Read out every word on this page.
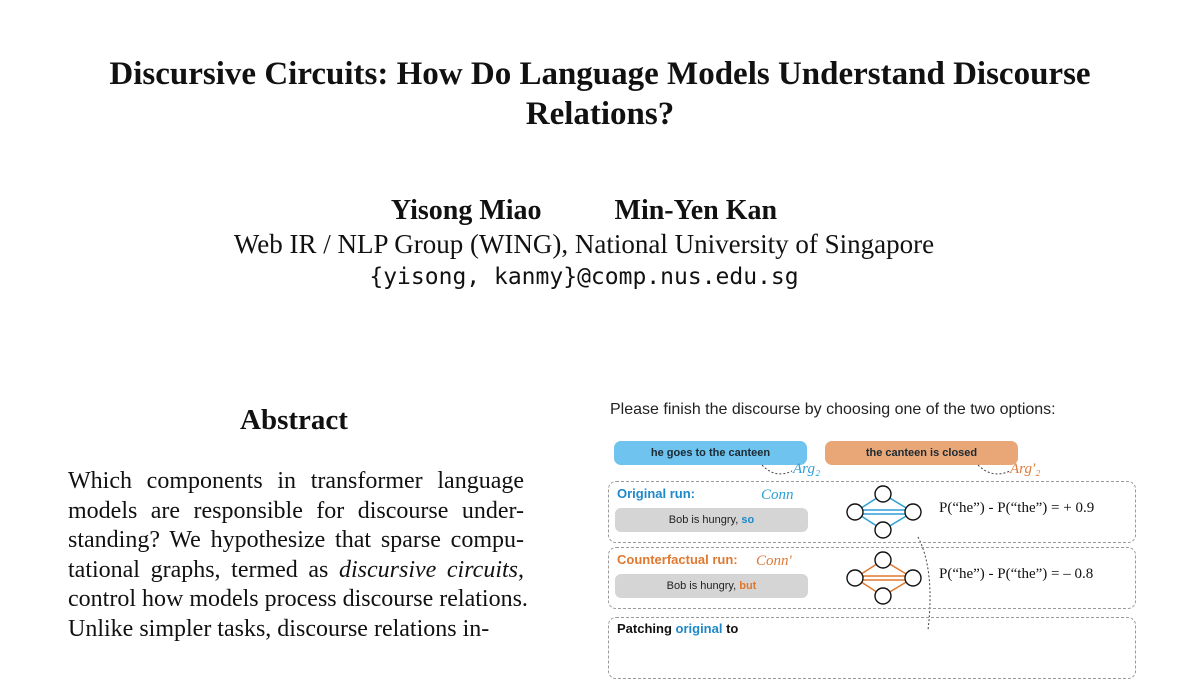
Discursive Circuits: How Do Language Models Understand Discourse
Relations?
Yisong Miao	Min-Yen Kan
Web IR / NLP Group (WING), National University of Singapore
{yisong, kanmy}@comp.nus.edu.sg
Abstract
Which components in transformer language
models are responsible for discourse under-
standing? We hypothesize that sparse compu-
tational graphs, termed as discursive circuits,
control how models process discourse relations.
Unlike simpler tasks, discourse relations in-
Please finish the discourse by choosing one of the two options:
he goes to the canteen	the canteen is closed
Arg₂	Arg'₂
Original run:	Conn
Bob is hungry, so
P(“he”) - P(“the”) = + 0.9
Counterfactual run: Conn'
Bob is hungry, but
P(“he”) - P(“the”) = – 0.8
Patching original to
